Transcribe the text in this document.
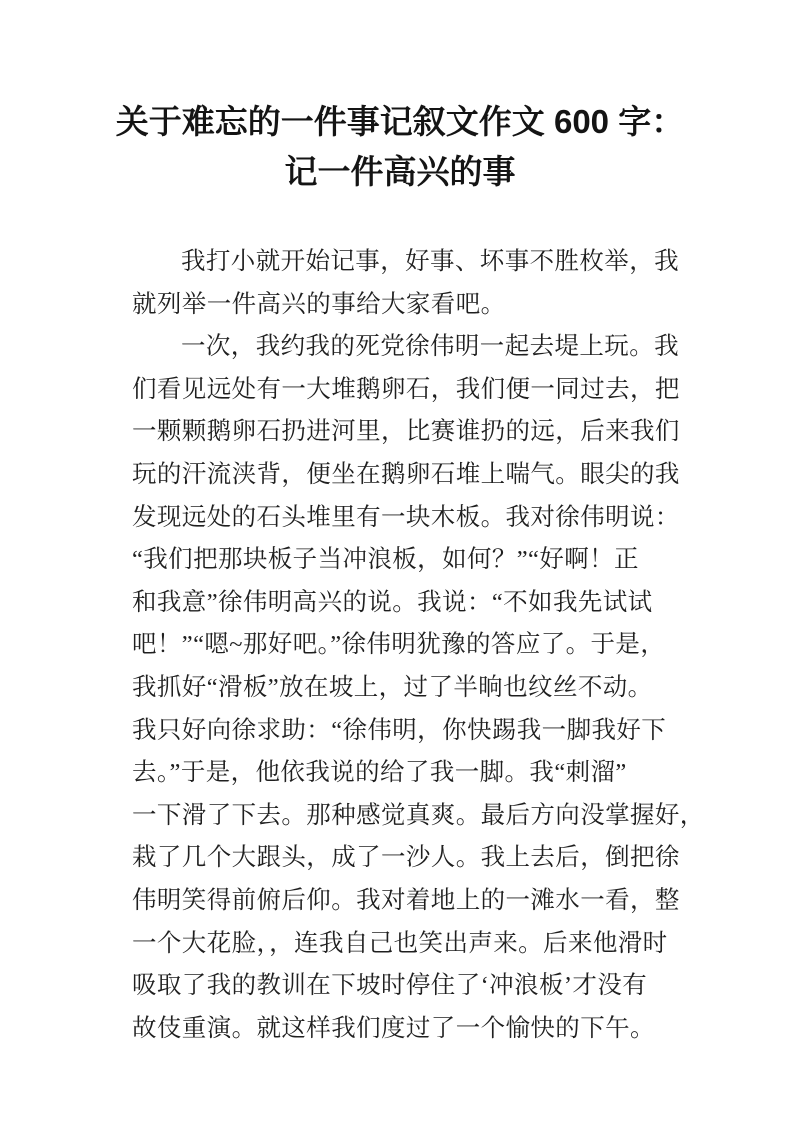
关于难忘的一件事记叙文作文 600 字：
记一件高兴的事
我打小就开始记事，好事、坏事不胜枚举，我
就列举一件高兴的事给大家看吧。
一次，我约我的死党徐伟明一起去堤上玩。我
们看见远处有一大堆鹅卵石，我们便一同过去，把
一颗颗鹅卵石扔进河里，比赛谁扔的远，后来我们
玩的汗流浃背，便坐在鹅卵石堆上喘气。眼尖的我
发现远处的石头堆里有一块木板。我对徐伟明说：
“我们把那块板子当冲浪板，如何？”“好啊！正
和我意”徐伟明高兴的说。我说：“不如我先试试
吧！”“嗯~那好吧。”徐伟明犹豫的答应了。于是，
我抓好“滑板”放在坡上，过了半晌也纹丝不动。
我只好向徐求助：“徐伟明，你快踢我一脚我好下
去。”于是，他依我说的给了我一脚。我“刺溜”
一下滑了下去。那种感觉真爽。最后方向没掌握好，
栽了几个大跟头，成了一沙人。我上去后，倒把徐
伟明笑得前俯后仰。我对着地上的一滩水一看，整
一个大花脸，，连我自己也笑出声来。后来他滑时
吸取了我的教训在下坡时停住了‘冲浪板’才没有
故伎重演。就这样我们度过了一个愉快的下午。
